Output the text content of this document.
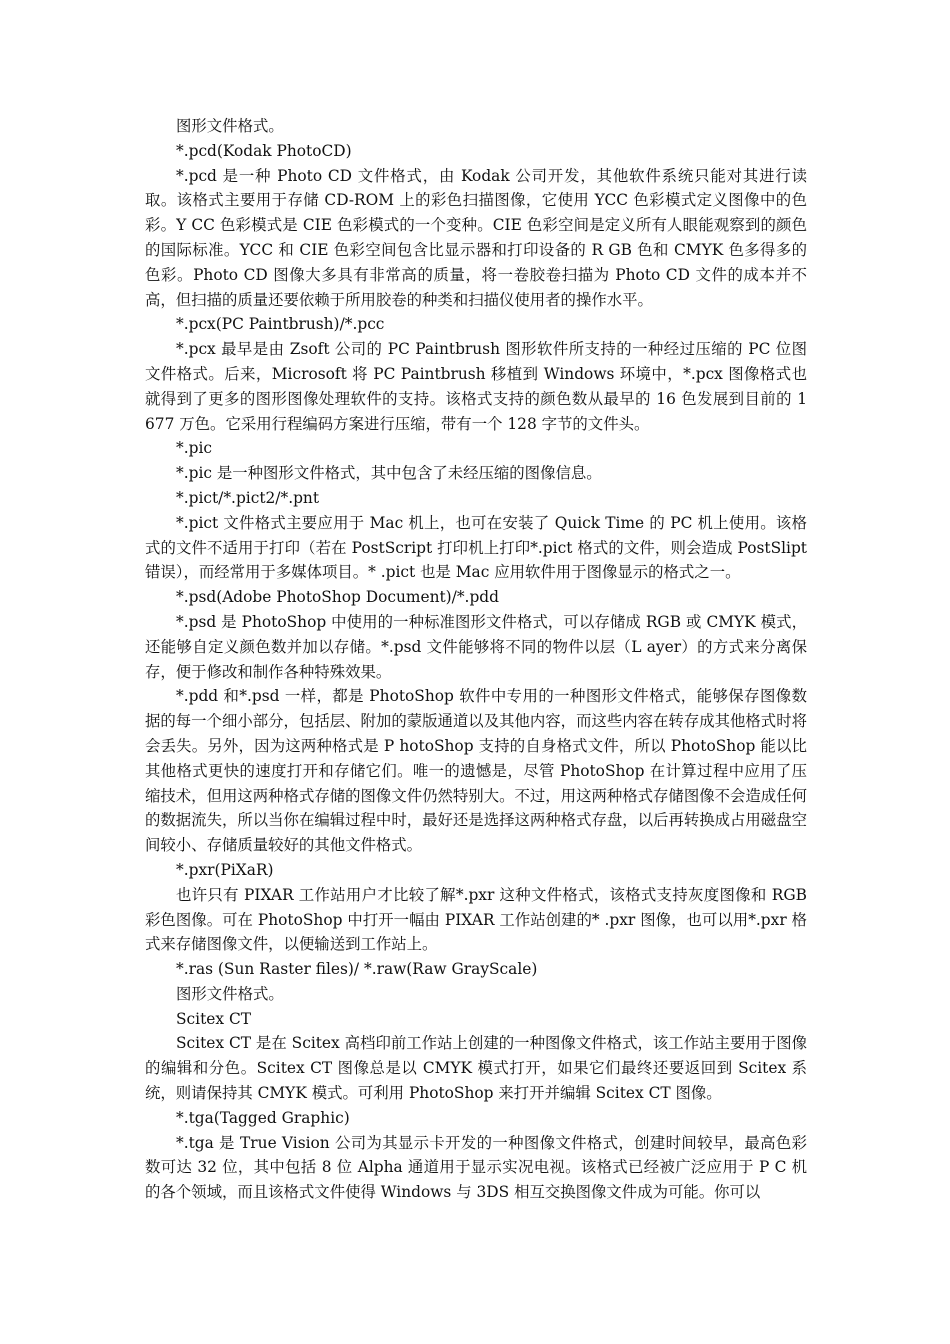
图形文件格式。

*.pcd(Kodak PhotoCD)

*.pcd 是一种 Photo CD 文件格式，由 Kodak 公司开发，其他软件系统只能对其进行读取。该格式主要用于存储 CD-ROM 上的彩色扫描图像，它使用 YCC 色彩模式定义图像中的色彩。Y CC 色彩模式是 CIE 色彩模式的一个变种。CIE 色彩空间是定义所有人眼能观察到的颜色的国际标准。YCC 和 CIE 色彩空间包含比显示器和打印设备的 R GB 色和 CMYK 色多得多的色彩。Photo CD 图像大多具有非常高的质量，将一卷胶卷扫描为 Photo CD 文件的成本并不高，但扫描的质量还要依赖于所用胶卷的种类和扫描仪使用者的操作水平。

*.pcx(PC Paintbrush)/*.pcc

*.pcx 最早是由 Zsoft 公司的 PC Paintbrush 图形软件所支持的一种经过压缩的 PC 位图文件格式。后来，Microsoft 将 PC Paintbrush 移植到 Windows 环境中，*.pcx 图像格式也就得到了更多的图形图像处理软件的支持。该格式支持的颜色数从最早的 16 色发展到目前的 1 677 万色。它采用行程编码方案进行压缩，带有一个 128 字节的文件头。

*.pic

*.pic 是一种图形文件格式，其中包含了未经压缩的图像信息。

*.pict/*.pict2/*.pnt

*.pict 文件格式主要应用于 Mac 机上，也可在安装了 Quick Time 的 PC 机上使用。该格式的文件不适用于打印（若在 PostScript 打印机上打印*.pict 格式的文件，则会造成 PostSlipt 错误），而经常用于多媒体项目。* .pict 也是 Mac 应用软件用于图像显示的格式之一。

*.psd(Adobe PhotoShop Document)/*.pdd

*.psd 是 PhotoShop 中使用的一种标准图形文件格式，可以存储成 RGB 或 CMYK 模式，还能够自定义颜色数并加以存储。*.psd 文件能够将不同的物件以层（L ayer）的方式来分离保存，便于修改和制作各种特殊效果。

*.pdd 和*.psd 一样，都是 PhotoShop 软件中专用的一种图形文件格式，能够保存图像数据的每一个细小部分，包括层、附加的蒙版通道以及其他内容，而这些内容在转存成其他格式时将会丢失。另外，因为这两种格式是 P hotoShop 支持的自身格式文件，所以 PhotoShop 能以比其他格式更快的速度打开和存储它们。唯一的遗憾是，尽管 PhotoShop 在计算过程中应用了压缩技术，但用这两种格式存储的图像文件仍然特别大。不过，用这两种格式存储图像不会造成任何的数据流失，所以当你在编辑过程中时，最好还是选择这两种格式存盘，以后再转换成占用磁盘空间较小、存储质量较好的其他文件格式。

*.pxr(PiXaR)

也许只有 PIXAR 工作站用户才比较了解*.pxr 这种文件格式，该格式支持灰度图像和 RGB 彩色图像。可在 PhotoShop 中打开一幅由 PIXAR 工作站创建的* .pxr 图像，也可以用*.pxr 格式来存储图像文件，以便输送到工作站上。

*.ras (Sun Raster files)/ *.raw(Raw GrayScale)

图形文件格式。

Scitex CT

Scitex CT 是在 Scitex 高档印前工作站上创建的一种图像文件格式，该工作站主要用于图像的编辑和分色。Scitex CT 图像总是以 CMYK 模式打开，如果它们最终还要返回到 Scitex 系统，则请保持其 CMYK 模式。可利用 PhotoShop 来打开并编辑 Scitex CT 图像。

*.tga(Tagged Graphic)

*.tga 是 True Vision 公司为其显示卡开发的一种图像文件格式，创建时间较早，最高色彩数可达 32 位，其中包括 8 位 Alpha 通道用于显示实况电视。该格式已经被广泛应用于 P C 机的各个领域，而且该格式文件使得 Windows 与 3DS 相互交换图像文件成为可能。你可以
